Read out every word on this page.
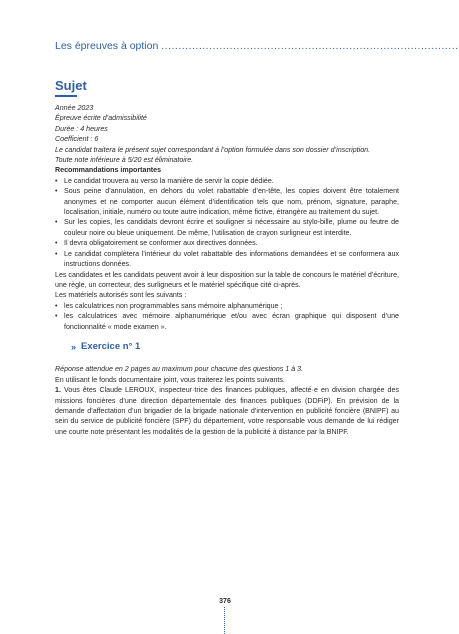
Les épreuves à option .......................................................................................
Sujet

Année 2023

Épreuve écrite d’admissibilité

Durée : 4 heures

Coefficient : 6

Le candidat traitera le présent sujet correspondant à l’option formulée dans son dossier d’inscription.

Toute note inférieure à 5/20 est éliminatoire.

Recommandations importantes

• Le candidat trouvera au verso la manière de servir la copie dédiée.
• Sous peine d’annulation, en dehors du volet rabattable d’en-tête, les copies doivent être totalement anonymes et ne comporter aucun élément d’identification tels que nom, prénom, signature, paraphe, localisation, initiale, numéro ou toute autre indication, même fictive, étrangère au traitement du sujet.
• Sur les copies, les candidats devront écrire et souligner si nécessaire au stylo-bille, plume ou feutre de couleur noire ou bleue uniquement. De même, l’utilisation de crayon surligneur est interdite.
• Il devra obligatoirement se conformer aux directives données.
• Le candidat complètera l’intérieur du volet rabattable des informations demandées et se conformera aux instructions données.

Les candidates et les candidats peuvent avoir à leur disposition sur la table de concours le matériel d’écriture, une règle, un correcteur, des surligneurs et le matériel spécifique cité ci-après.

Les matériels autorisés sont les suivants :

• les calculatrices non programmables sans mémoire alphanumérique ;
• les calculatrices avec mémoire alphanumérique et/ou avec écran graphique qui disposent d’une fonctionnalité « mode examen ».
» Exercice n° 1

Réponse attendue en 2 pages au maximum pour chacune des questions 1 à 3.

En utilisant le fonds documentaire joint, vous traiterez les points suivants.

1. Vous êtes Claude LEROUX, inspecteur·trice des finances publiques, affecté·e en division chargée des missions foncières d’une direction départementale des finances publiques (DDFiP). En prévision de la demande d’affectation d’un brigadier de la brigade nationale d’intervention en publicité foncière (BNIPF) au sein du service de publicité foncière (SPF) du département, votre responsable vous demande de lui rédiger une courte note présentant les modalités de la gestion de la publicité à distance par la BNIPF.

376
